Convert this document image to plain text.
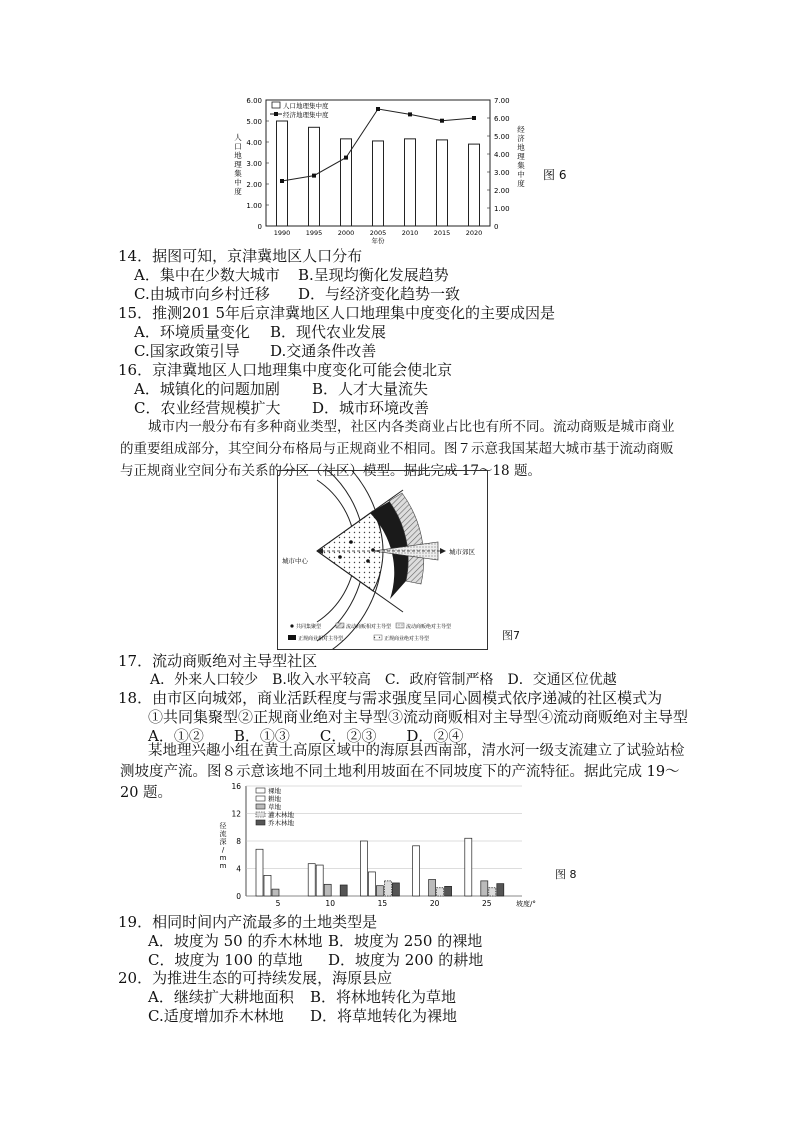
6.00
5.00
4.00
3.00
2.00
1.00
0
7.00
6.00
5.00
4.00
3.00
2.00
1.00
0
人
口
地
理
集
中
度
经
济
地
理
集
中
度
1990 1995 2000 2005 2010 2015 2020
年份
人口地理集中度
经济地理集中度
图 6
14．据图可知，京津冀地区人口分布
A．集中在少数大城市 B.呈现均衡化发展趋势
C.由城市向乡村迁移 D．与经济变化趋势一致
15．推测201 5年后京津冀地区人口地理集中度变化的主要成因是
A．环境质量变化 B．现代农业发展
C.国家政策引导 D.交通条件改善
16．京津冀地区人口地理集中度变化可能会使北京
A．城镇化的问题加剧 B．人才大量流失
C．农业经营规模扩大 D．城市环境改善
城市内一般分布有多种商业类型，社区内各类商业占比也有所不同。流动商贩是城市商业的重要组成部分，其空间分布格局与正规商业不相同。图７示意我国某超大城市基于流动商贩与正规商业空间分布关系的分区（社区）模型。据此完成 17～18 题。
城市中心
城市郊区
共同集聚型	流动商贩相对主导型	流动商贩绝对主导型
正规商业相对主导型	正规商业绝对主导型	图7
17．流动商贩绝对主导型社区
A．外来人口较少　B.收入水平较高　C．政府管制严格　D．交通区位优越
18．由市区向城郊，商业活跃程度与需求强度呈同心圆模式依序递减的社区模式为
①共同集聚型②正规商业绝对主导型③流动商贩相对主导型④流动商贩绝对主导型
A．①②　　B．①③　　C．②③　　D．②④
某地理兴趣小组在黄土高原区域中的海原县西南部，清水河一级支流建立了试验站检测坡度产流。图８示意该地不同土地利用坡面在不同坡度下的产流特征。据此完成 19～20 题。	16
12
8
4
0
径
流
深
/
m
m
5	10	15	20	25	坡度/°
裸地
耕地
草地
灌木林地
乔木林地
图 8
19．相同时间内产流最多的土地类型是
A．坡度为 50 的乔木林地 B．坡度为 250 的裸地
C．坡度为 100 的草地 D．坡度为 200 的耕地
20．为推进生态的可持续发展，海原县应
A．继续扩大耕地面积 B．将林地转化为草地
C.适度增加乔木林地 D．将草地转化为裸地
